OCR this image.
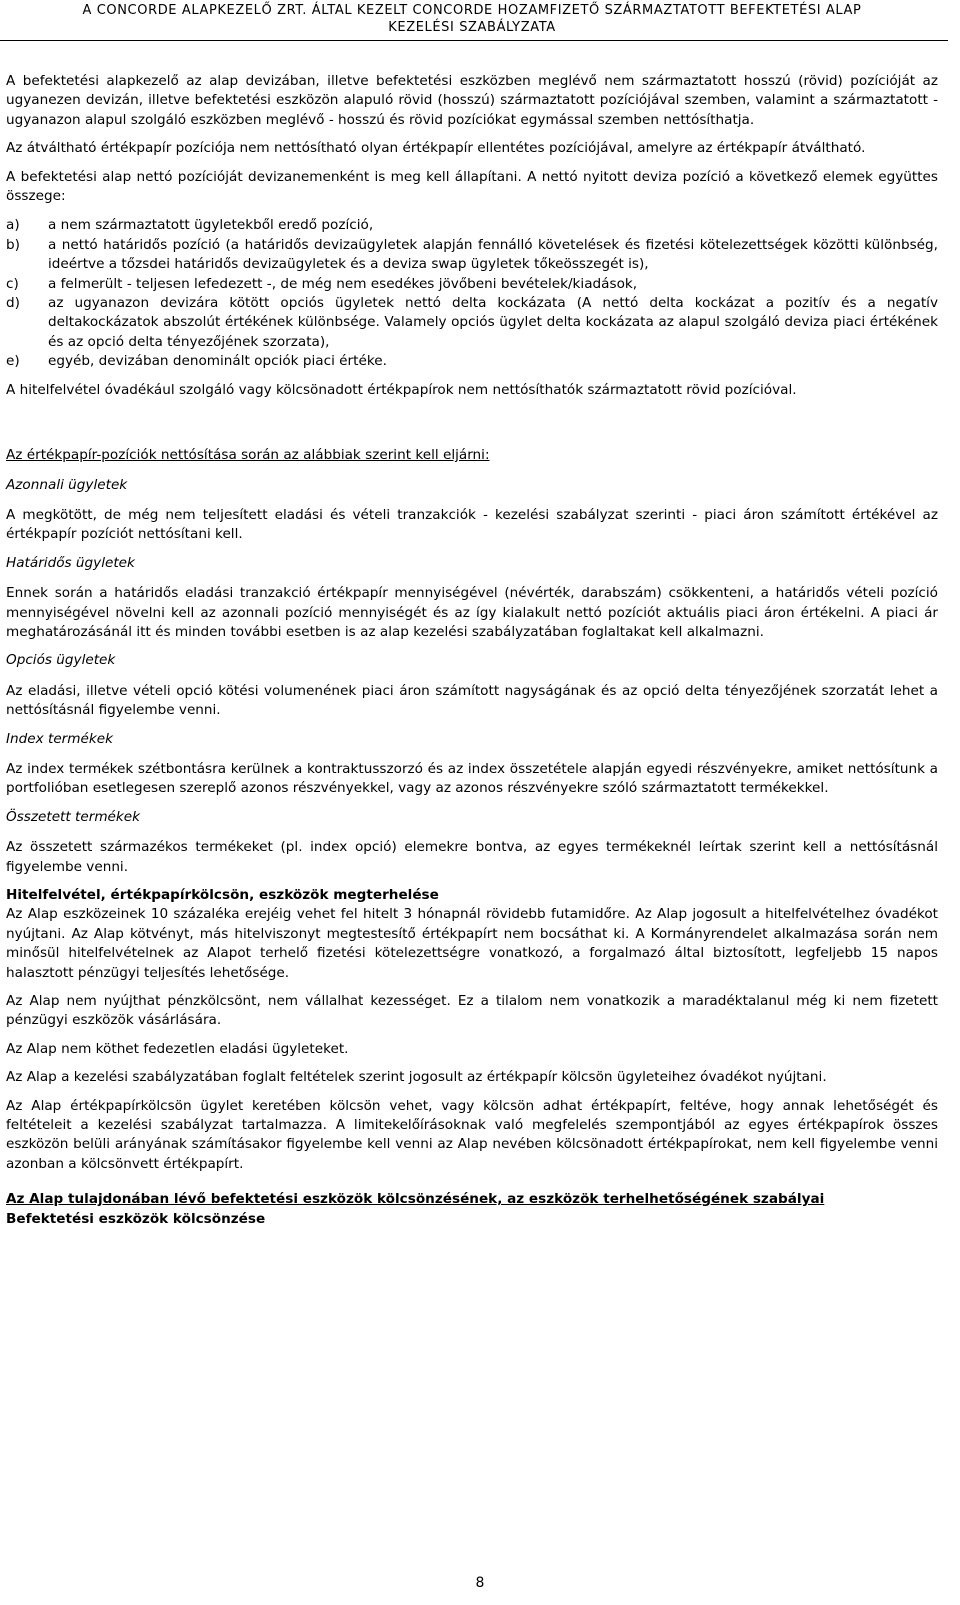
A CONCORDE ALAPKEZELŐ ZRT. ÁLTAL KEZELT CONCORDE HOZAMFIZETŐ SZÁRMAZTATOTT BEFEKTETÉSI ALAP
KEZELÉSI SZABÁLYZATA

A befektetési alapkezelő az alap devizában, illetve befektetési eszközben meglévő nem származtatott hosszú (rövid) pozícióját az ugyanezen devizán, illetve befektetési eszközön alapuló rövid (hosszú) származtatott pozíciójával szemben, valamint a származtatott - ugyanazon alapul szolgáló eszközben meglévő - hosszú és rövid pozíciókat egymással szemben nettósíthatja.

Az átváltható értékpapír pozíciója nem nettósítható olyan értékpapír ellentétes pozíciójával, amelyre az értékpapír átváltható.

A befektetési alap nettó pozícióját devizanemenként is meg kell állapítani. A nettó nyitott deviza pozíció a következő elemek együttes összege:

a)	a nem származtatott ügyletekből eredő pozíció,
b)	a nettó határidős pozíció (a határidős devizaügyletek alapján fennálló követelések és fizetési kötelezettségek közötti különbség, ideértve a tőzsdei határidős devizaügyletek és a deviza swap ügyletek tőkeösszegét is),
c)	a felmerült - teljesen lefedezett -, de még nem esedékes jövőbeni bevételek/kiadások,
d)	az ugyanazon devizára kötött opciós ügyletek nettó delta kockázata (A nettó delta kockázat a pozitív és a negatív deltakockázatok abszolút értékének különbsége. Valamely opciós ügylet delta kockázata az alapul szolgáló deviza piaci értékének és az opció delta tényezőjének szorzata),
e)	egyéb, devizában denominált opciók piaci értéke.

A hitelfelvétel óvadékául szolgáló vagy kölcsönadott értékpapírok nem nettósíthatók származtatott rövid pozícióval.

Az értékpapír-pozíciók nettósítása során az alábbiak szerint kell eljárni:

Azonnali ügyletek

A megkötött, de még nem teljesített eladási és vételi tranzakciók - kezelési szabályzat szerinti - piaci áron számított értékével az értékpapír pozíciót nettósítani kell.

Határidős ügyletek

Ennek során a határidős eladási tranzakció értékpapír mennyiségével (névérték, darabszám) csökkenteni, a határidős vételi pozíció mennyiségével növelni kell az azonnali pozíció mennyiségét és az így kialakult nettó pozíciót aktuális piaci áron értékelni. A piaci ár meghatározásánál itt és minden további esetben is az alap kezelési szabályzatában foglaltakat kell alkalmazni.

Opciós ügyletek

Az eladási, illetve vételi opció kötési volumenének piaci áron számított nagyságának és az opció delta tényezőjének szorzatát lehet a nettósításnál figyelembe venni.

Index termékek

Az index termékek szétbontásra kerülnek a kontraktusszorzó és az index összetétele alapján egyedi részvényekre, amiket nettósítunk a portfolióban esetlegesen szereplő azonos részvényekkel, vagy az azonos részvényekre szóló származtatott termékekkel.

Összetett termékek

Az összetett származékos termékeket (pl. index opció) elemekre bontva, az egyes termékeknél leírtak szerint kell a nettósításnál figyelembe venni.

Hitelfelvétel, értékpapírkölcsön, eszközök megterhelése

Az Alap eszközeinek 10 százaléka erejéig vehet fel hitelt 3 hónapnál rövidebb futamidőre. Az Alap jogosult a hitelfelvételhez óvadékot nyújtani. Az Alap kötvényt, más hitelviszonyt megtestesítő értékpapírt nem bocsáthat ki. A Kormányrendelet alkalmazása során nem minősül hitelfelvételnek az Alapot terhelő fizetési kötelezettségre vonatkozó, a forgalmazó által biztosított, legfeljebb 15 napos halasztott pénzügyi teljesítés lehetősége.

Az Alap nem nyújthat pénzkölcsönt, nem vállalhat kezességet. Ez a tilalom nem vonatkozik a maradéktalanul még ki nem fizetett pénzügyi eszközök vásárlására.

Az Alap nem köthet fedezetlen eladási ügyleteket.

Az Alap a kezelési szabályzatában foglalt feltételek szerint jogosult az értékpapír kölcsön ügyleteihez óvadékot nyújtani.

Az Alap értékpapírkölcsön ügylet keretében kölcsön vehet, vagy kölcsön adhat értékpapírt, feltéve, hogy annak lehetőségét és feltételeit a kezelési szabályzat tartalmazza. A limitekelőírásoknak való megfelelés szempontjából az egyes értékpapírok összes eszközön belüli arányának számításakor figyelembe kell venni az Alap nevében kölcsönadott értékpapírokat, nem kell figyelembe venni azonban a kölcsönvett értékpapírt.

Az Alap tulajdonában lévő befektetési eszközök kölcsönzésének, az eszközök terhelhetőségének szabályai

Befektetési eszközök kölcsönzése

8
